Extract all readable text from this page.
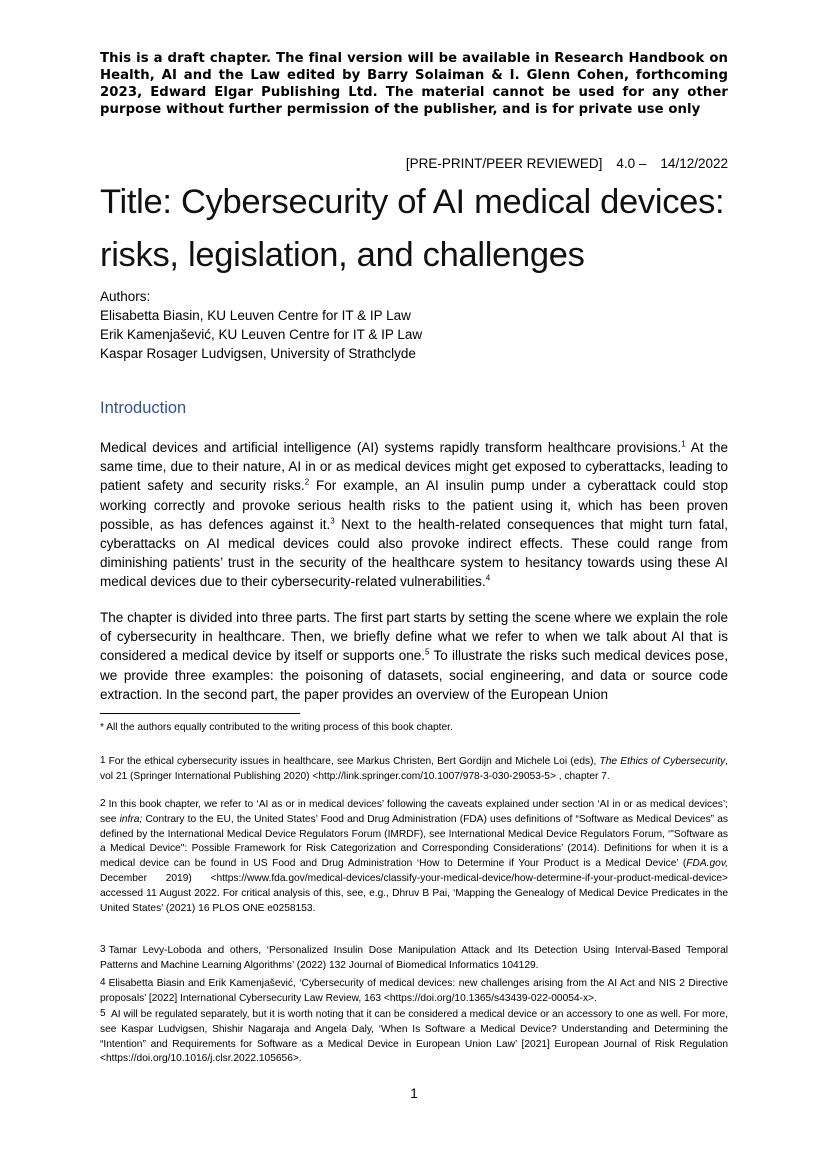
This is a draft chapter. The final version will be available in Research Handbook on Health, AI and the Law edited by Barry Solaiman & I. Glenn Cohen, forthcoming 2023, Edward Elgar Publishing Ltd. The material cannot be used for any other purpose without further permission of the publisher, and is for private use only
[PRE-PRINT/PEER REVIEWED] 4.0 – 14/12/2022
Title: Cybersecurity of AI medical devices:
risks, legislation, and challenges
Authors:
Elisabetta Biasin, KU Leuven Centre for IT & IP Law
Erik Kamenjašević, KU Leuven Centre for IT & IP Law
Kaspar Rosager Ludvigsen, University of Strathclyde
Introduction
Medical devices and artificial intelligence (AI) systems rapidly transform healthcare provisions.$^1$ At the same time, due to their nature, AI in or as medical devices might get exposed to cyberattacks, leading to patient safety and security risks.$^2$ For example, an AI insulin pump under a cyberattack could stop working correctly and provoke serious health risks to the patient using it, which has been proven possible, as has defences against it.$^3$ Next to the health-related consequences that might turn fatal, cyberattacks on AI medical devices could also provoke indirect effects. These could range from diminishing patients’ trust in the security of the healthcare system to hesitancy towards using these AI medical devices due to their cybersecurity-related vulnerabilities.$^4$
The chapter is divided into three parts. The first part starts by setting the scene where we explain the role of cybersecurity in healthcare. Then, we briefly define what we refer to when we talk about AI that is considered a medical device by itself or supports one.$^5$ To illustrate the risks such medical devices pose, we provide three examples: the poisoning of datasets, social engineering, and data or source code extraction. In the second part, the paper provides an overview of the European Union
* All the authors equally contributed to the writing process of this book chapter.
$^1$ For the ethical cybersecurity issues in healthcare, see Markus Christen, Bert Gordijn and Michele Loi (eds), The Ethics of Cybersecurity, vol 21 (Springer International Publishing 2020) <http://link.springer.com/10.1007/978-3-030-29053-5> , chapter 7.
$^2$ In this book chapter, we refer to ‘AI as or in medical devices’ following the caveats explained under section ‘AI in or as medical devices’; see infra; Contrary to the EU, the United States’ Food and Drug Administration (FDA) uses definitions of “Software as Medical Devices” as defined by the International Medical Device Regulators Forum (IMRDF), see International Medical Device Regulators Forum, ‘"Software as a Medical Device": Possible Framework for Risk Categorization and Corresponding Considerations’ (2014). Definitions for when it is a medical device can be found in US Food and Drug Administration ‘How to Determine if Your Product is a Medical Device’ (FDA.gov, December 2019) <https://www.fda.gov/medical-devices/classify-your-medical-device/how-determine-if-your-product-medical-device> accessed 11 August 2022. For critical analysis of this, see, e.g., Dhruv B Pai, ‘Mapping the Genealogy of Medical Device Predicates in the United States’ (2021) 16 PLOS ONE e0258153.
$^3$ Tamar Levy-Loboda and others, ‘Personalized Insulin Dose Manipulation Attack and Its Detection Using Interval-Based Temporal Patterns and Machine Learning Algorithms’ (2022) 132 Journal of Biomedical Informatics 104129.
$^4$ Elisabetta Biasin and Erik Kamenjašević, ‘Cybersecurity of medical devices: new challenges arising from the AI Act and NIS 2 Directive proposals’ [2022] International Cybersecurity Law Review, 163 <https://doi.org/10.1365/s43439-022-00054-x>.
$^5$ AI will be regulated separately, but it is worth noting that it can be considered a medical device or an accessory to one as well. For more, see Kaspar Ludvigsen, Shishir Nagaraja and Angela Daly, ‘When Is Software a Medical Device? Understanding and Determining the “Intention” and Requirements for Software as a Medical Device in European Union Law’ [2021] European Journal of Risk Regulation <https://doi.org/10.1016/j.clsr.2022.105656>.
1
